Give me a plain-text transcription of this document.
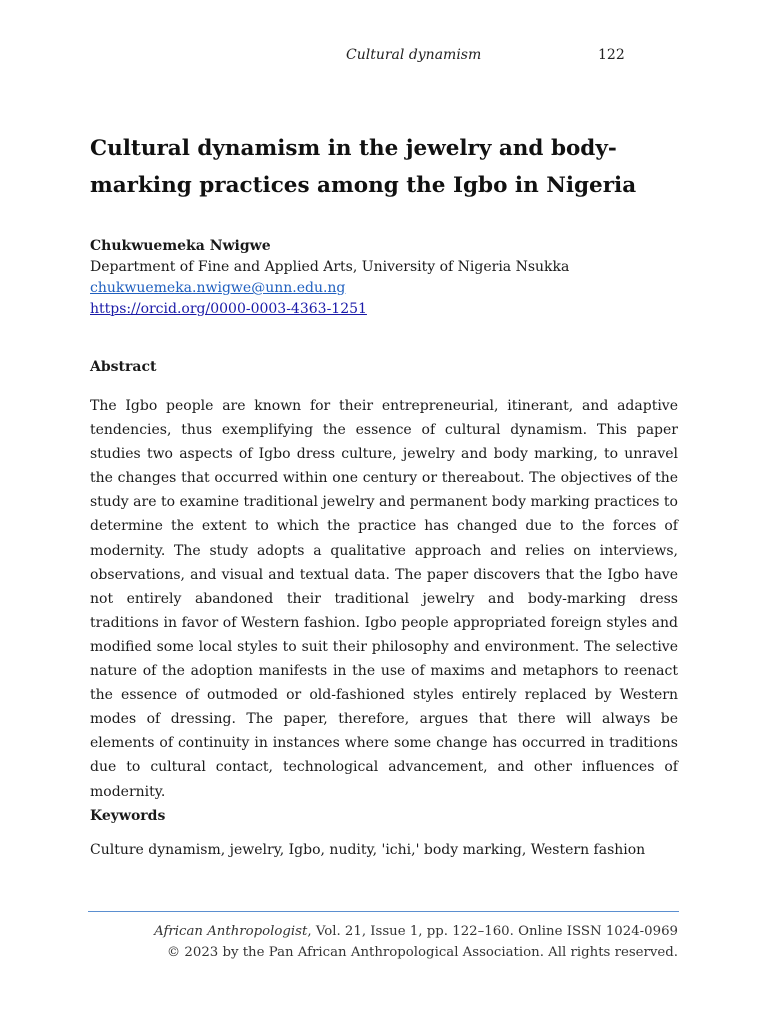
Cultural dynamism	122
Cultural dynamism in the jewelry and body-marking practices among the Igbo in Nigeria
Chukwuemeka Nwigwe
Department of Fine and Applied Arts, University of Nigeria Nsukka
chukwuemeka.nwigwe@unn.edu.ng
https://orcid.org/0000-0003-4363-1251
Abstract
The Igbo people are known for their entrepreneurial, itinerant, and adaptive tendencies, thus exemplifying the essence of cultural dynamism. This paper studies two aspects of Igbo dress culture, jewelry and body marking, to unravel the changes that occurred within one century or thereabout. The objectives of the study are to examine traditional jewelry and permanent body marking practices to determine the extent to which the practice has changed due to the forces of modernity. The study adopts a qualitative approach and relies on interviews, observations, and visual and textual data. The paper discovers that the Igbo have not entirely abandoned their traditional jewelry and body-marking dress traditions in favor of Western fashion. Igbo people appropriated foreign styles and modified some local styles to suit their philosophy and environment. The selective nature of the adoption manifests in the use of maxims and metaphors to reenact the essence of outmoded or old-fashioned styles entirely replaced by Western modes of dressing. The paper, therefore, argues that there will always be elements of continuity in instances where some change has occurred in traditions due to cultural contact, technological advancement, and other influences of modernity.
Keywords
Culture dynamism, jewelry, Igbo, nudity, 'ichi,' body marking, Western fashion
African Anthropologist, Vol. 21, Issue 1, pp. 122–160. Online ISSN 1024-0969
© 2023 by the Pan African Anthropological Association. All rights reserved.
